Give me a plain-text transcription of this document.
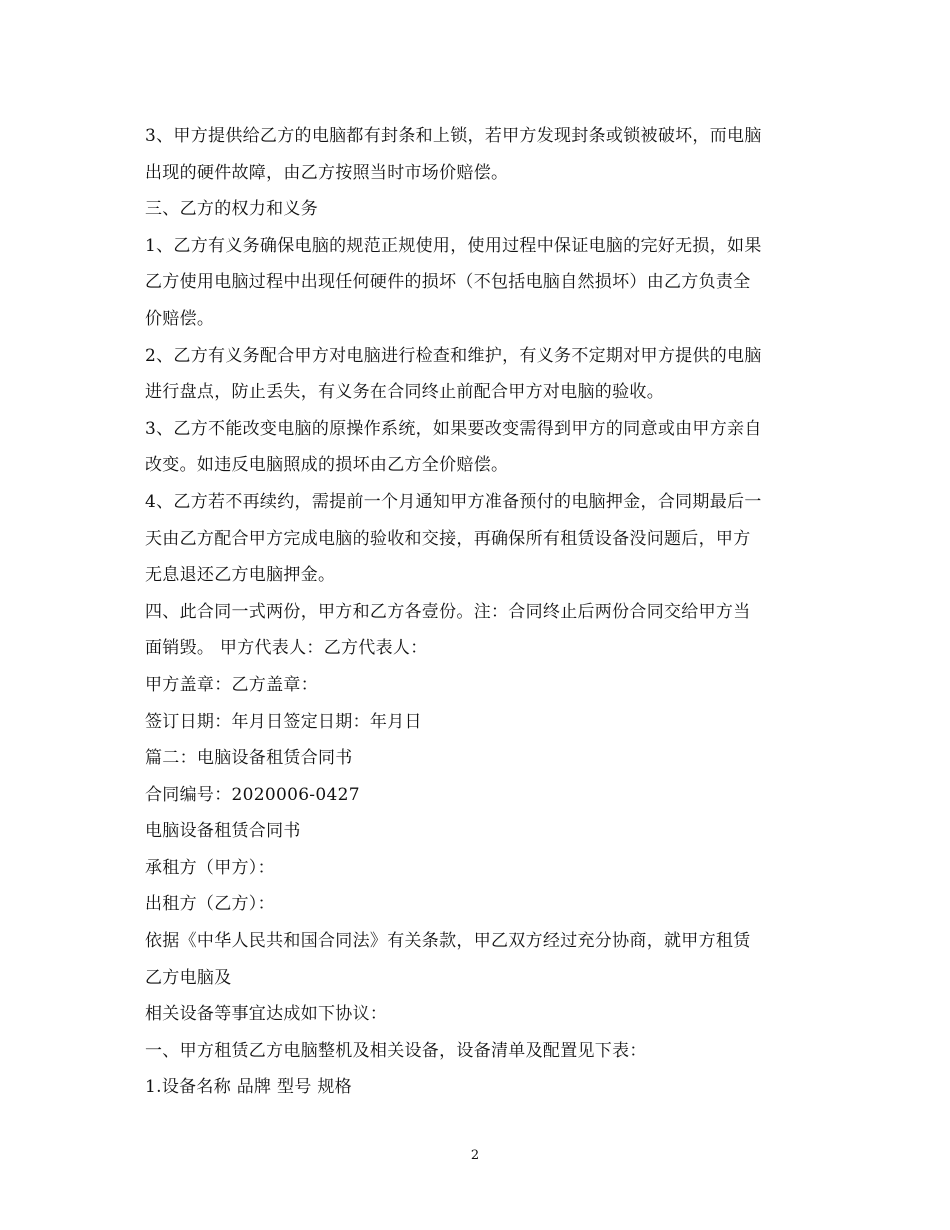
3、甲方提供给乙方的电脑都有封条和上锁，若甲方发现封条或锁被破坏，而电脑
出现的硬件故障，由乙方按照当时市场价赔偿。
三、乙方的权力和义务
1、乙方有义务确保电脑的规范正规使用，使用过程中保证电脑的完好无损，如果
乙方使用电脑过程中出现任何硬件的损坏（不包括电脑自然损坏）由乙方负责全
价赔偿。
2、乙方有义务配合甲方对电脑进行检查和维护，有义务不定期对甲方提供的电脑
进行盘点，防止丢失，有义务在合同终止前配合甲方对电脑的验收。
3、乙方不能改变电脑的原操作系统，如果要改变需得到甲方的同意或由甲方亲自
改变。如违反电脑照成的损坏由乙方全价赔偿。
4、乙方若不再续约，需提前一个月通知甲方准备预付的电脑押金，合同期最后一
天由乙方配合甲方完成电脑的验收和交接，再确保所有租赁设备没问题后，甲方
无息退还乙方电脑押金。
四、此合同一式两份，甲方和乙方各壹份。注：合同终止后两份合同交给甲方当
面销毁。 甲方代表人：乙方代表人：
甲方盖章：乙方盖章：
签订日期：年月日签定日期：年月日
篇二：电脑设备租赁合同书
合同编号：2020006-0427
电脑设备租赁合同书
承租方（甲方）：
出租方（乙方）：
依据《中华人民共和国合同法》有关条款，甲乙双方经过充分协商，就甲方租赁
乙方电脑及
相关设备等事宜达成如下协议：
一、甲方租赁乙方电脑整机及相关设备，设备清单及配置见下表：
1.设备名称 品牌 型号 规格
2
